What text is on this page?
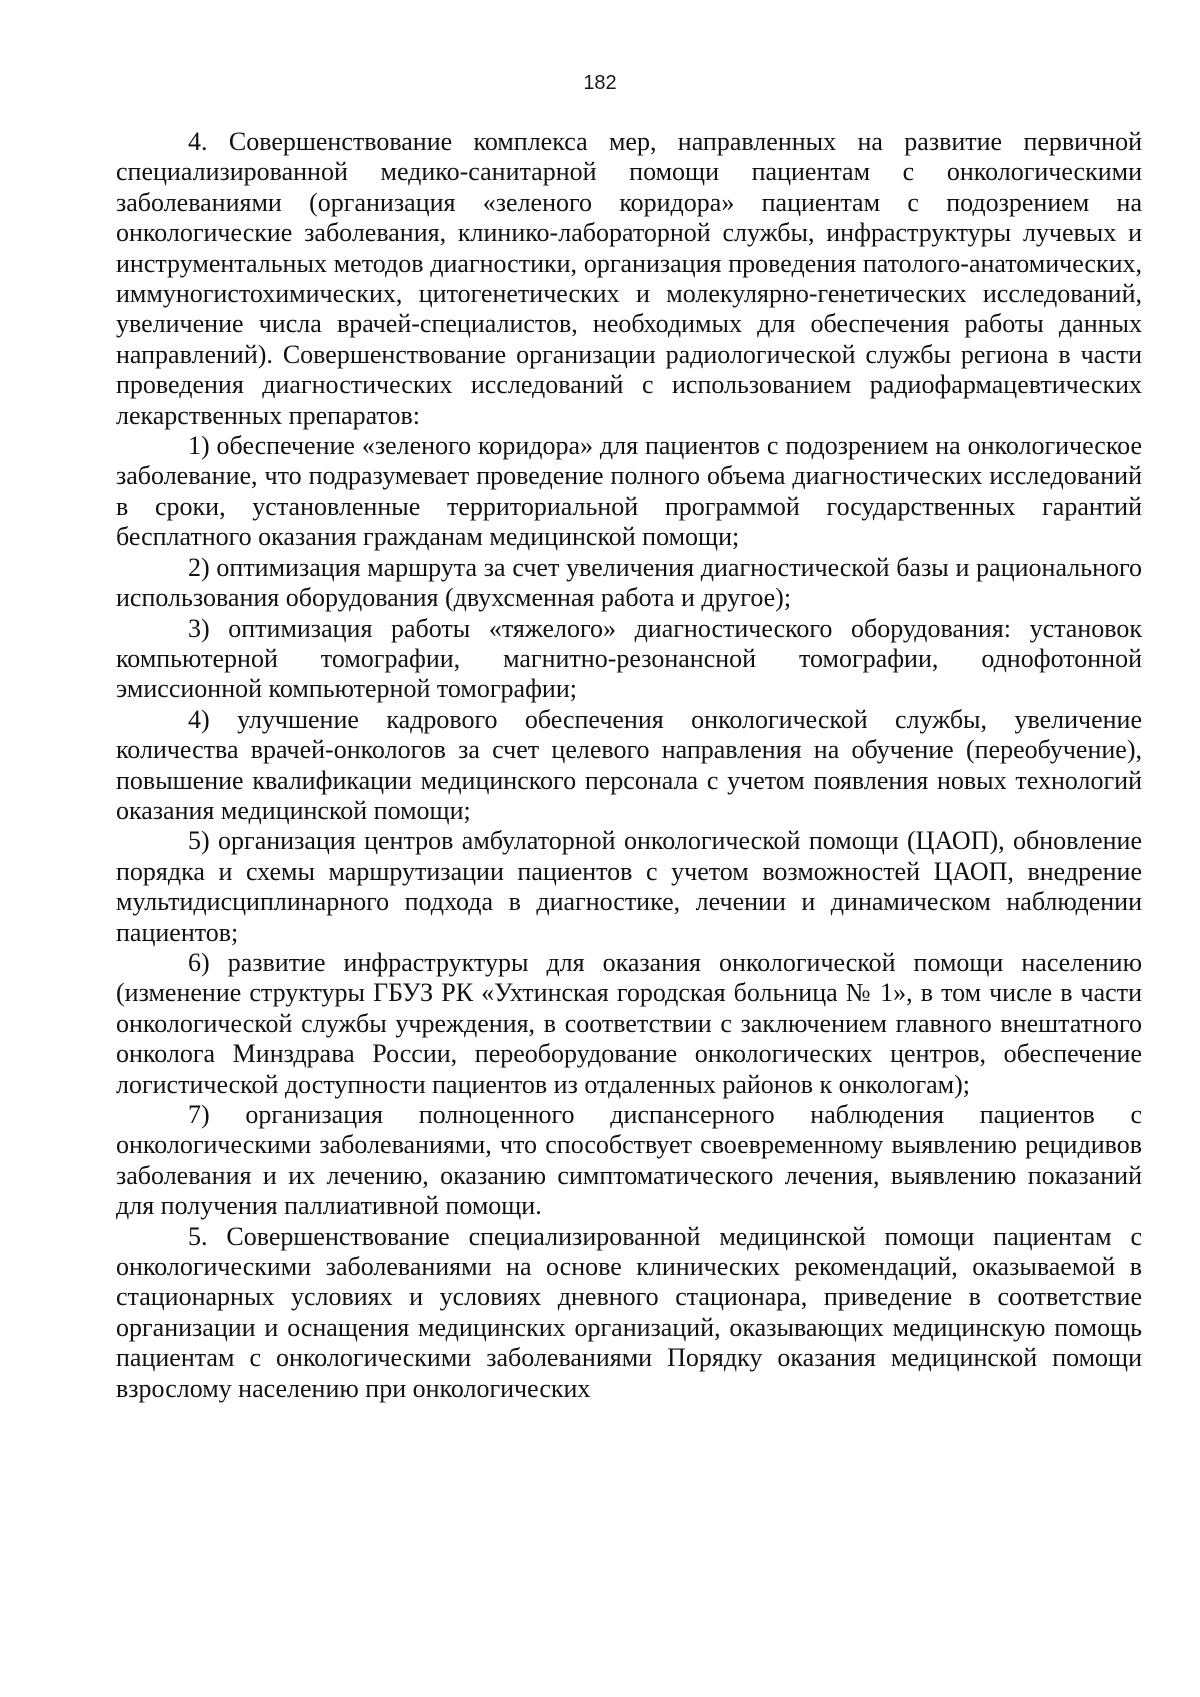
182

4. Совершенствование комплекса мер, направленных на развитие первичной специализированной медико-санитарной помощи пациентам с онкологическими заболеваниями (организация «зеленого коридора» пациентам с подозрением на онкологические заболевания, клинико-лабораторной службы, инфраструктуры лучевых и инструментальных методов диагностики, организация проведения патолого-анатомических, иммуногистохимических, цитогенетических и молекулярно-генетических исследований, увеличение числа врачей-специалистов, необходимых для обеспечения работы данных направлений). Совершенствование организации радиологической службы региона в части проведения диагностических исследований с использованием радиофармацевтических лекарственных препаратов:

1) обеспечение «зеленого коридора» для пациентов с подозрением на онкологическое заболевание, что подразумевает проведение полного объема диагностических исследований в сроки, установленные территориальной программой государственных гарантий бесплатного оказания гражданам медицинской помощи;

2) оптимизация маршрута за счет увеличения диагностической базы и рационального использования оборудования (двухсменная работа и другое);

3) оптимизация работы «тяжелого» диагностического оборудования: установок компьютерной томографии, магнитно-резонансной томографии, однофотонной эмиссионной компьютерной томографии;

4) улучшение кадрового обеспечения онкологической службы, увеличение количества врачей-онкологов за счет целевого направления на обучение (переобучение), повышение квалификации медицинского персонала с учетом появления новых технологий оказания медицинской помощи;

5) организация центров амбулаторной онкологической помощи (ЦАОП), обновление порядка и схемы маршрутизации пациентов с учетом возможностей ЦАОП, внедрение мультидисциплинарного подхода в диагностике, лечении и динамическом наблюдении пациентов;

6) развитие инфраструктуры для оказания онкологической помощи населению (изменение структуры ГБУЗ РК «Ухтинская городская больница № 1», в том числе в части онкологической службы учреждения, в соответствии с заключением главного внештатного онколога Минздрава России, переоборудование онкологических центров, обеспечение логистической доступности пациентов из отдаленных районов к онкологам);

7) организация полноценного диспансерного наблюдения пациентов с онкологическими заболеваниями, что способствует своевременному выявлению рецидивов заболевания и их лечению, оказанию симптоматического лечения, выявлению показаний для получения паллиативной помощи.

5. Совершенствование специализированной медицинской помощи пациентам с онкологическими заболеваниями на основе клинических рекомендаций, оказываемой в стационарных условиях и условиях дневного стационара, приведение в соответствие организации и оснащения медицинских организаций, оказывающих медицинскую помощь пациентам с онкологическими заболеваниями Порядку оказания медицинской помощи взрослому населению при онкологических
